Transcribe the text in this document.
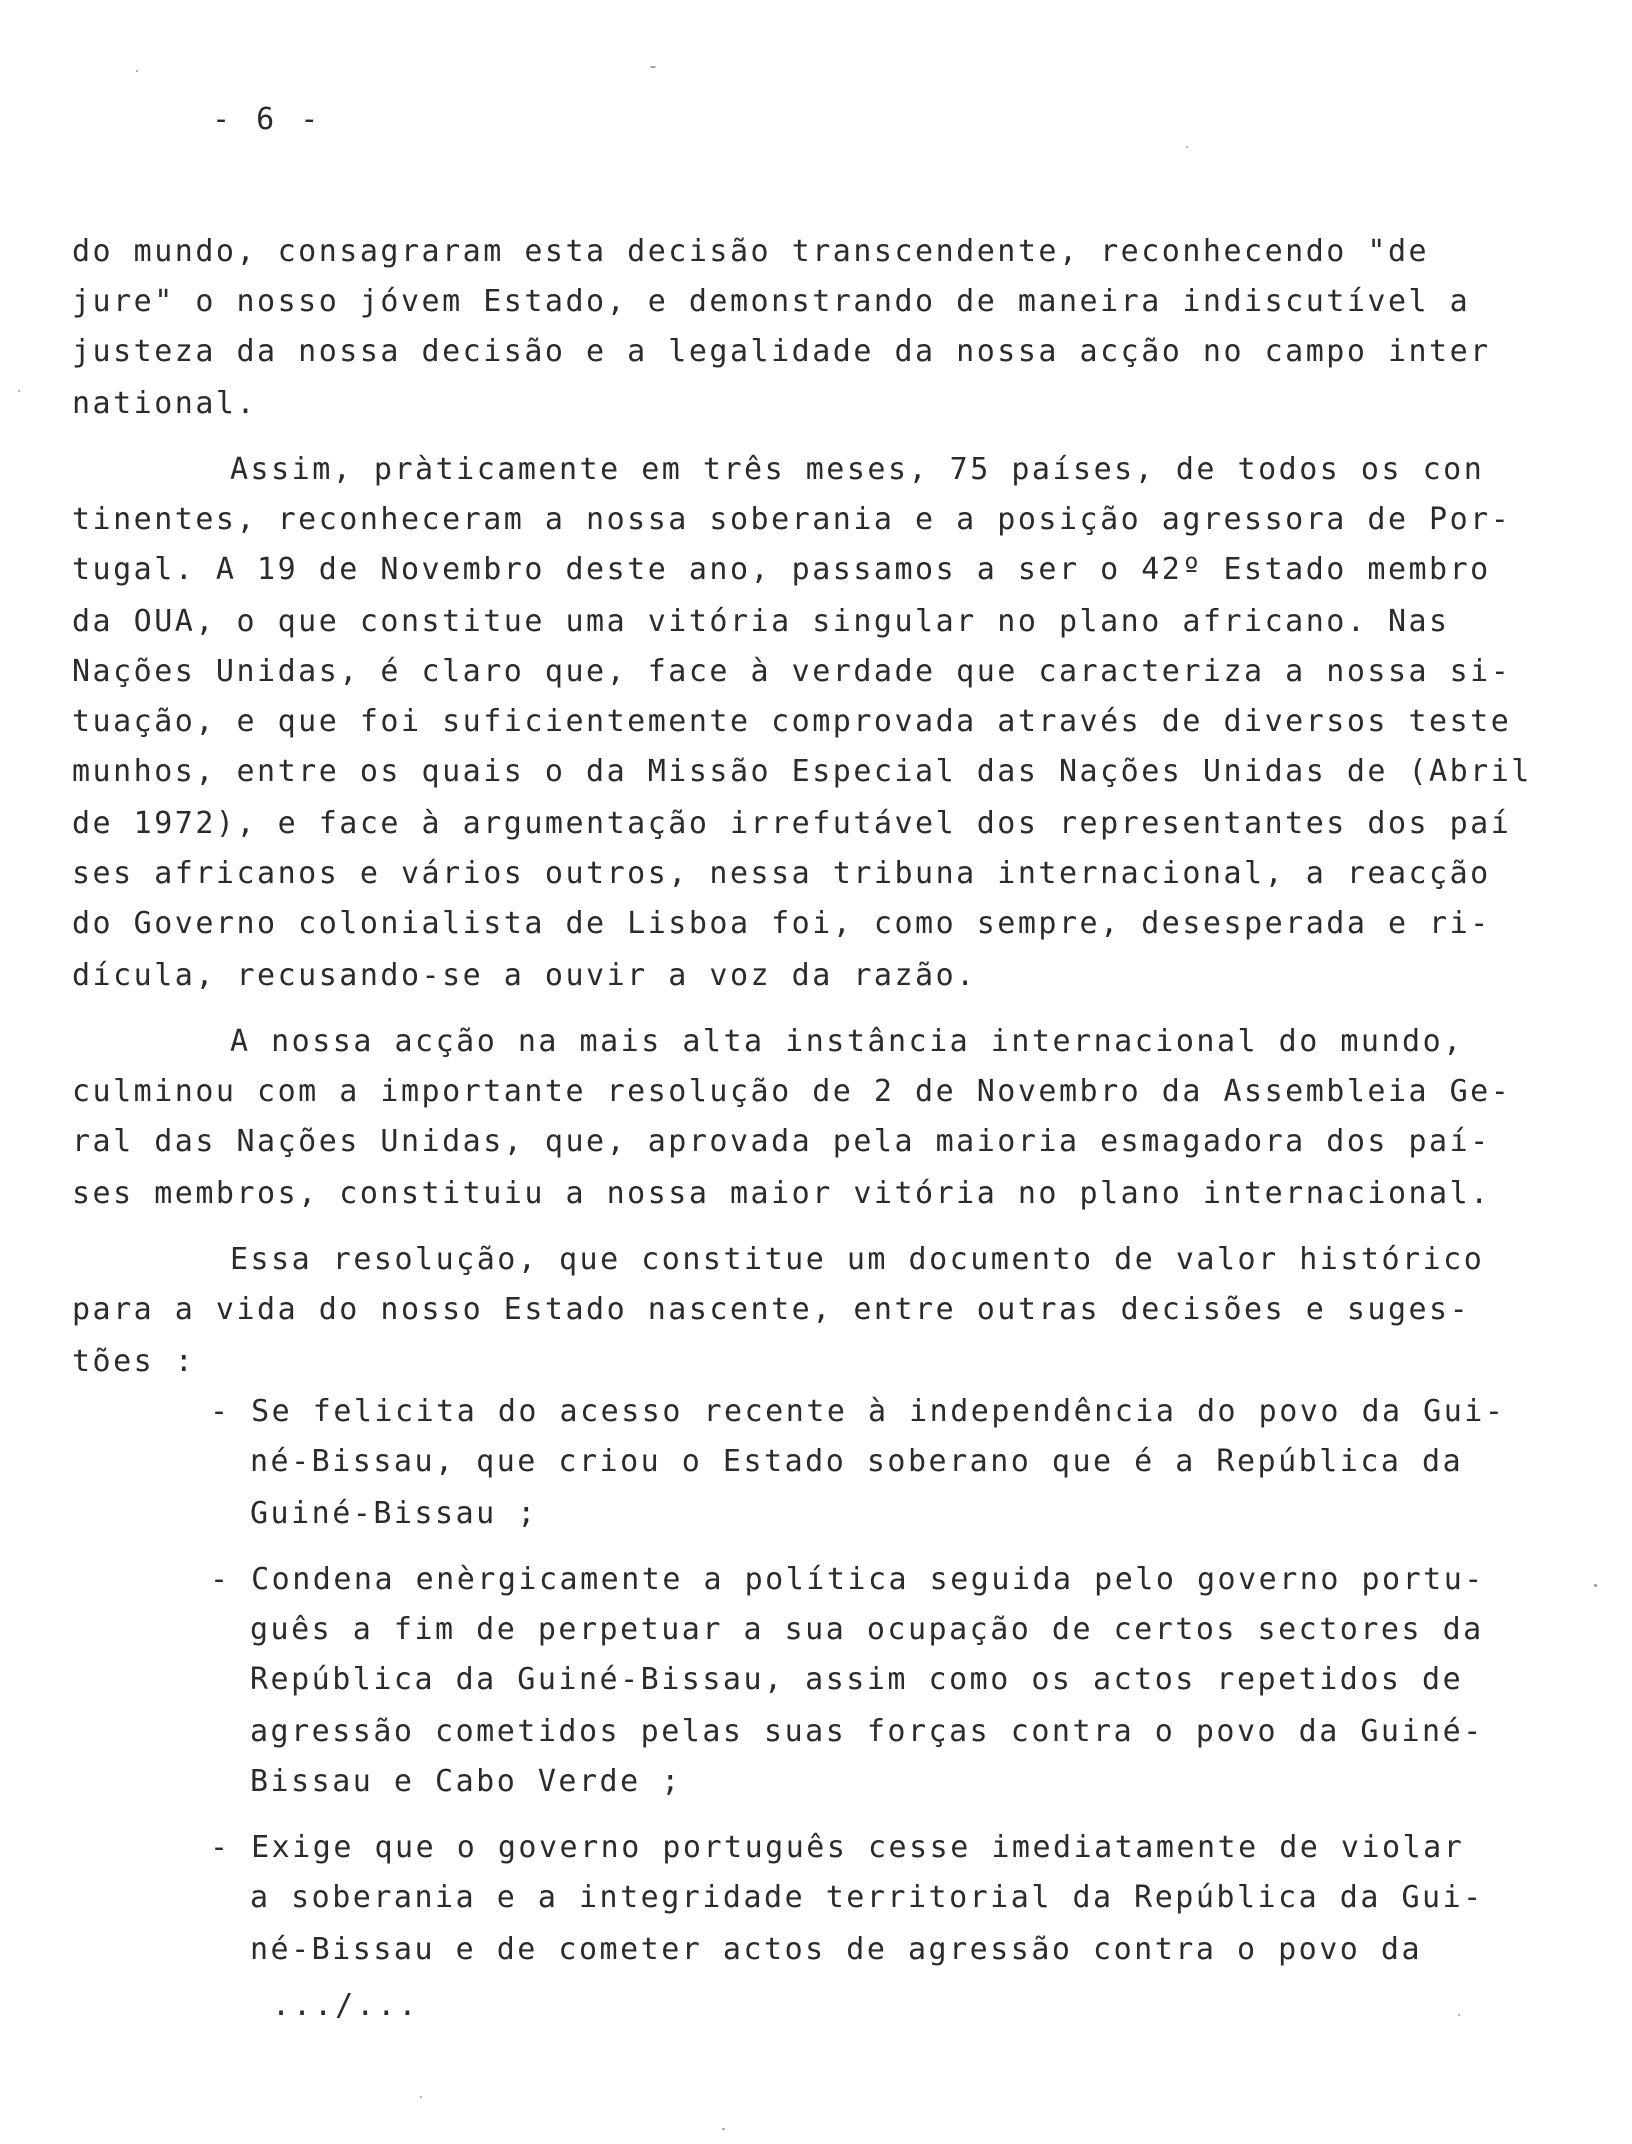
- 6 -
do mundo, consagraram esta decisão transcendente, reconhecendo "de
jure" o nosso jóvem Estado, e demonstrando de maneira indiscutível a
justeza da nossa decisão e a legalidade da nossa acção no campo inter
national.
Assim, pràticamente em três meses, 75 países, de todos os con
tinentes, reconheceram a nossa soberania e a posição agressora de Por-
tugal. A 19 de Novembro deste ano, passamos a ser o 42º Estado membro
da OUA, o que constitue uma vitória singular no plano africano. Nas
Nações Unidas, é claro que, face à verdade que caracteriza a nossa si-
tuação, e que foi suficientemente comprovada através de diversos teste
munhos, entre os quais o da Missão Especial das Nações Unidas de (Abril
de 1972), e face à argumentação irrefutável dos representantes dos paí
ses africanos e vários outros, nessa tribuna internacional, a reacção
do Governo colonialista de Lisboa foi, como sempre, desesperada e ri-
dícula, recusando-se a ouvir a voz da razão.
A nossa acção na mais alta instância internacional do mundo,
culminou com a importante resolução de 2 de Novembro da Assembleia Ge-
ral das Nações Unidas, que, aprovada pela maioria esmagadora dos paí-
ses membros, constituiu a nossa maior vitória no plano internacional.
Essa resolução, que constitue um documento de valor histórico
para a vida do nosso Estado nascente, entre outras decisões e suges-
tões :
- Se felicita do acesso recente à independência do povo da Gui-
né-Bissau, que criou o Estado soberano que é a República da
Guiné-Bissau ;
- Condena enèrgicamente a política seguida pelo governo portu-
guês a fim de perpetuar a sua ocupação de certos sectores da
República da Guiné-Bissau, assim como os actos repetidos de
agressão cometidos pelas suas forças contra o povo da Guiné-
Bissau e Cabo Verde ;
- Exige que o governo português cesse imediatamente de violar
a soberania e a integridade territorial da República da Gui-
né-Bissau e de cometer actos de agressão contra o povo da
.../...
